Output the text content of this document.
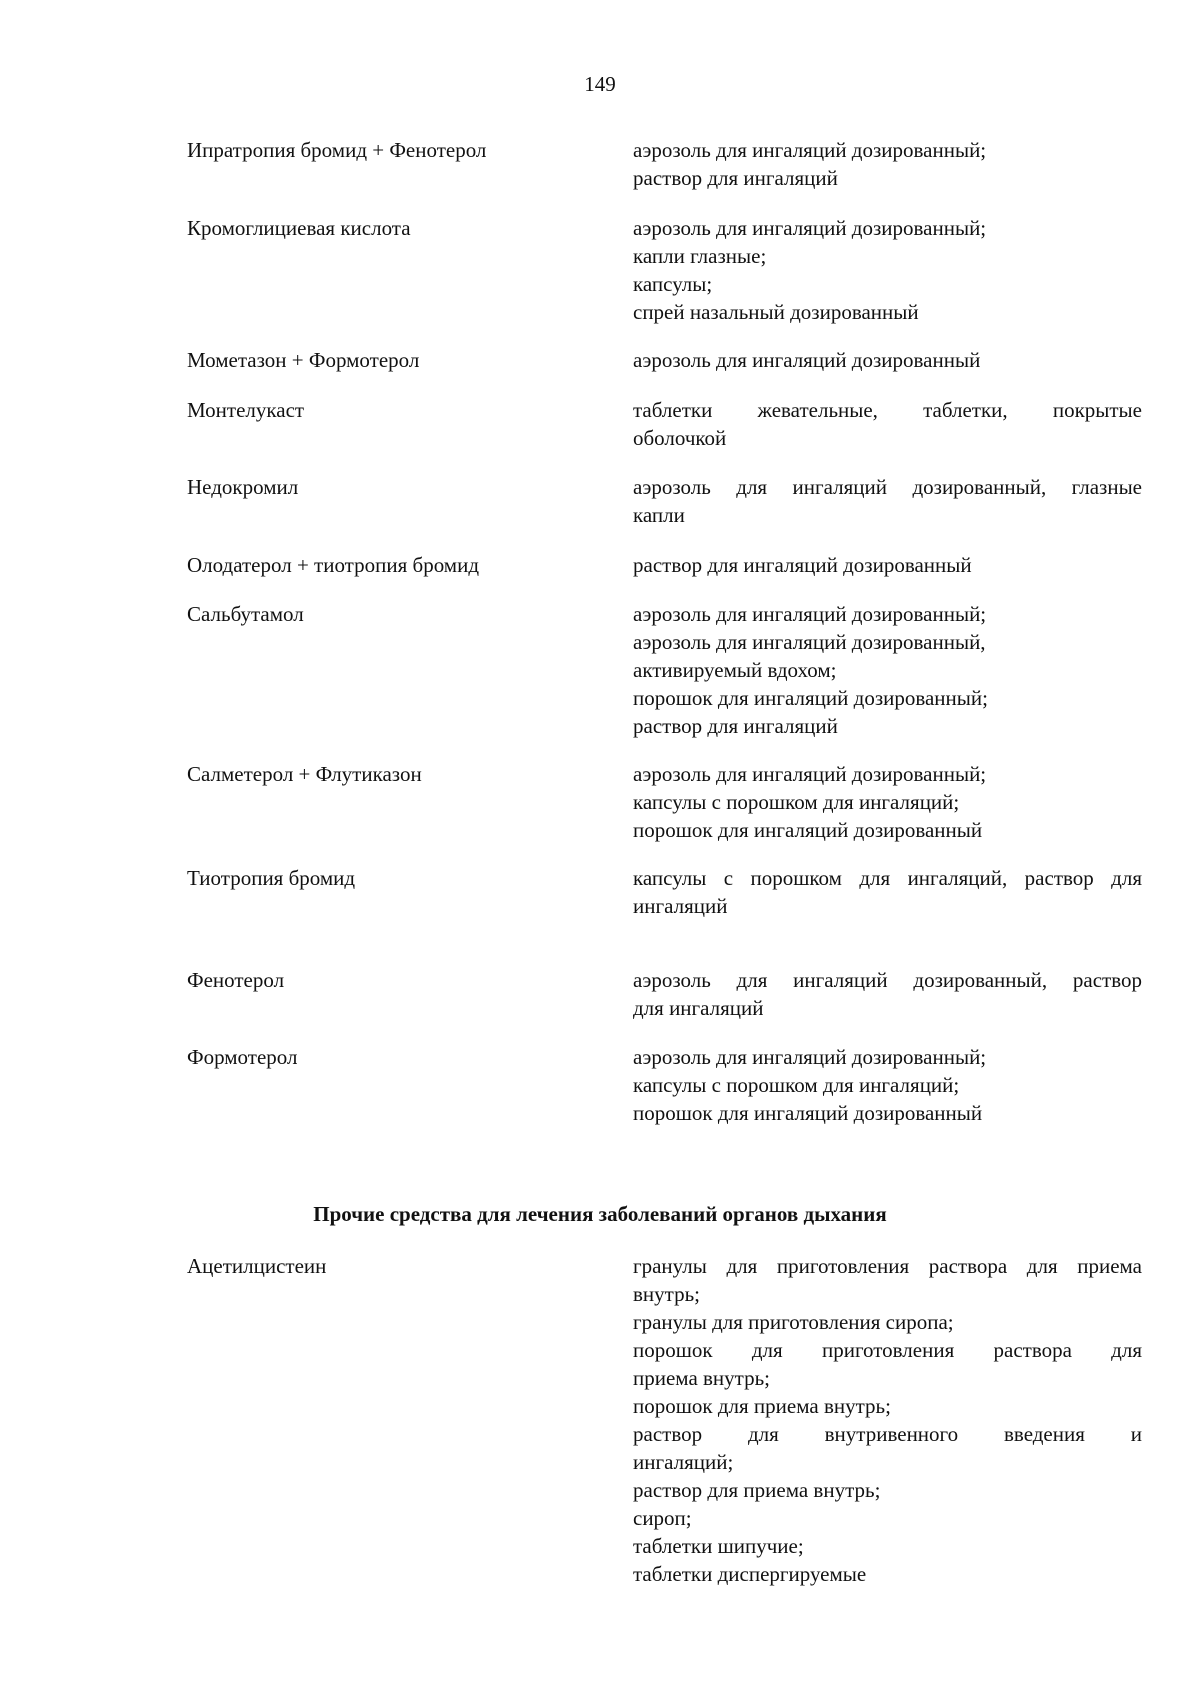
149
Ипратропия бромид + Фенотерол	аэрозоль для ингаляций дозированный;
раствор для ингаляций
Кромоглициевая кислота	аэрозоль для ингаляций дозированный;
капли глазные;
капсулы;
спрей назальный дозированный
Мометазон + Формотерол	аэрозоль для ингаляций дозированный
Монтелукаст	таблетки жевательные, таблетки, покрытые
оболочкой
Недокромил	аэрозоль для ингаляций дозированный, глазные
капли
Олодатерол + тиотропия бромид	раствор для ингаляций дозированный
Сальбутамол	аэрозоль для ингаляций дозированный;
аэрозоль для ингаляций дозированный,
активируемый вдохом;
порошок для ингаляций дозированный;
раствор для ингаляций
Салметерол + Флутиказон	аэрозоль для ингаляций дозированный;
капсулы с порошком для ингаляций;
порошок для ингаляций дозированный
Тиотропия бромид	капсулы с порошком для ингаляций, раствор для
ингаляций
Фенотерол	аэрозоль для ингаляций дозированный, раствор
для ингаляций
Формотерол	аэрозоль для ингаляций дозированный;
капсулы с порошком для ингаляций;
порошок для ингаляций дозированный
Прочие средства для лечения заболеваний органов дыхания
Ацетилцистеин	гранулы для приготовления раствора для приема
внутрь;
гранулы для приготовления сиропа;
порошок для приготовления раствора для
приема внутрь;
порошок для приема внутрь;
раствор для внутривенного введения и
ингаляций;
раствор для приема внутрь;
сироп;
таблетки шипучие;
таблетки диспергируемые
